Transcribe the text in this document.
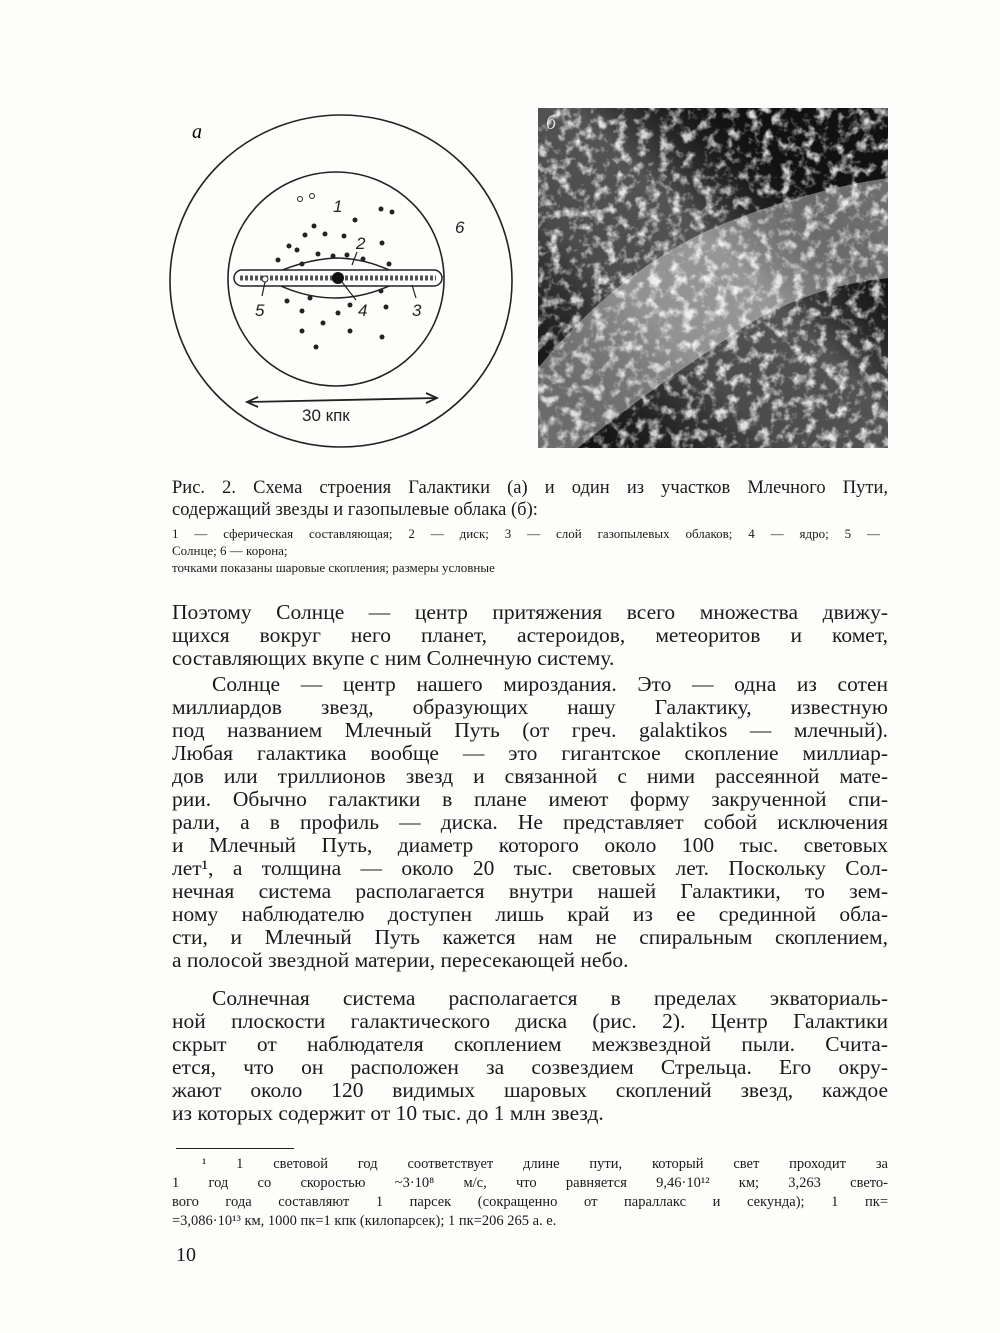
а
1
2
3
4
5
6
30 кпк
б
Рис. 2. Схема строения Галактики (а) и один из участков Млечного Пути,
содержащий звезды и газопылевые облака (б):
1 — сферическая составляющая; 2 — диск; 3 — слой газопылевых облаков; 4 — ядро; 5 —
Солнце; 6 — корона;
точками показаны шаровые скопления; размеры условные
Поэтому Солнце — центр притяжения всего множества движу-
щихся вокруг него планет, астероидов, метеоритов и комет,
составляющих вкупе с ним Солнечную систему.
Солнце — центр нашего мироздания. Это — одна из сотен
миллиардов звезд, образующих нашу Галактику, известную
под названием Млечный Путь (от греч. galaktikos — млечный).
Любая галактика вообще — это гигантское скопление миллиар-
дов или триллионов звезд и связанной с ними рассеянной мате-
рии. Обычно галактики в плане имеют форму закрученной спи-
рали, а в профиль — диска. Не представляет собой исключения
и Млечный Путь, диаметр которого около 100 тыс. световых
лет¹, а толщина — около 20 тыс. световых лет. Поскольку Сол-
нечная система располагается внутри нашей Галактики, то зем-
ному наблюдателю доступен лишь край из ее срединной обла-
сти, и Млечный Путь кажется нам не спиральным скоплением,
а полосой звездной материи, пересекающей небо.
Солнечная система располагается в пределах экваториаль-
ной плоскости галактического диска (рис. 2). Центр Галактики
скрыт от наблюдателя скоплением межзвездной пыли. Счита-
ется, что он расположен за созвездием Стрельца. Его окру-
жают около 120 видимых шаровых скоплений звезд, каждое
из которых содержит от 10 тыс. до 1 млн звезд.
¹ 1 световой год соответствует длине пути, который свет проходит за
1 год со скоростью ~3·10⁸ м/с, что равняется 9,46·10¹² км; 3,263 свето-
вого года составляют 1 парсек (сокращенно от параллакс и секунда); 1 пк=
=3,086·10¹³ км, 1000 пк=1 кпк (килопарсек); 1 пк=206 265 а. е.
10
